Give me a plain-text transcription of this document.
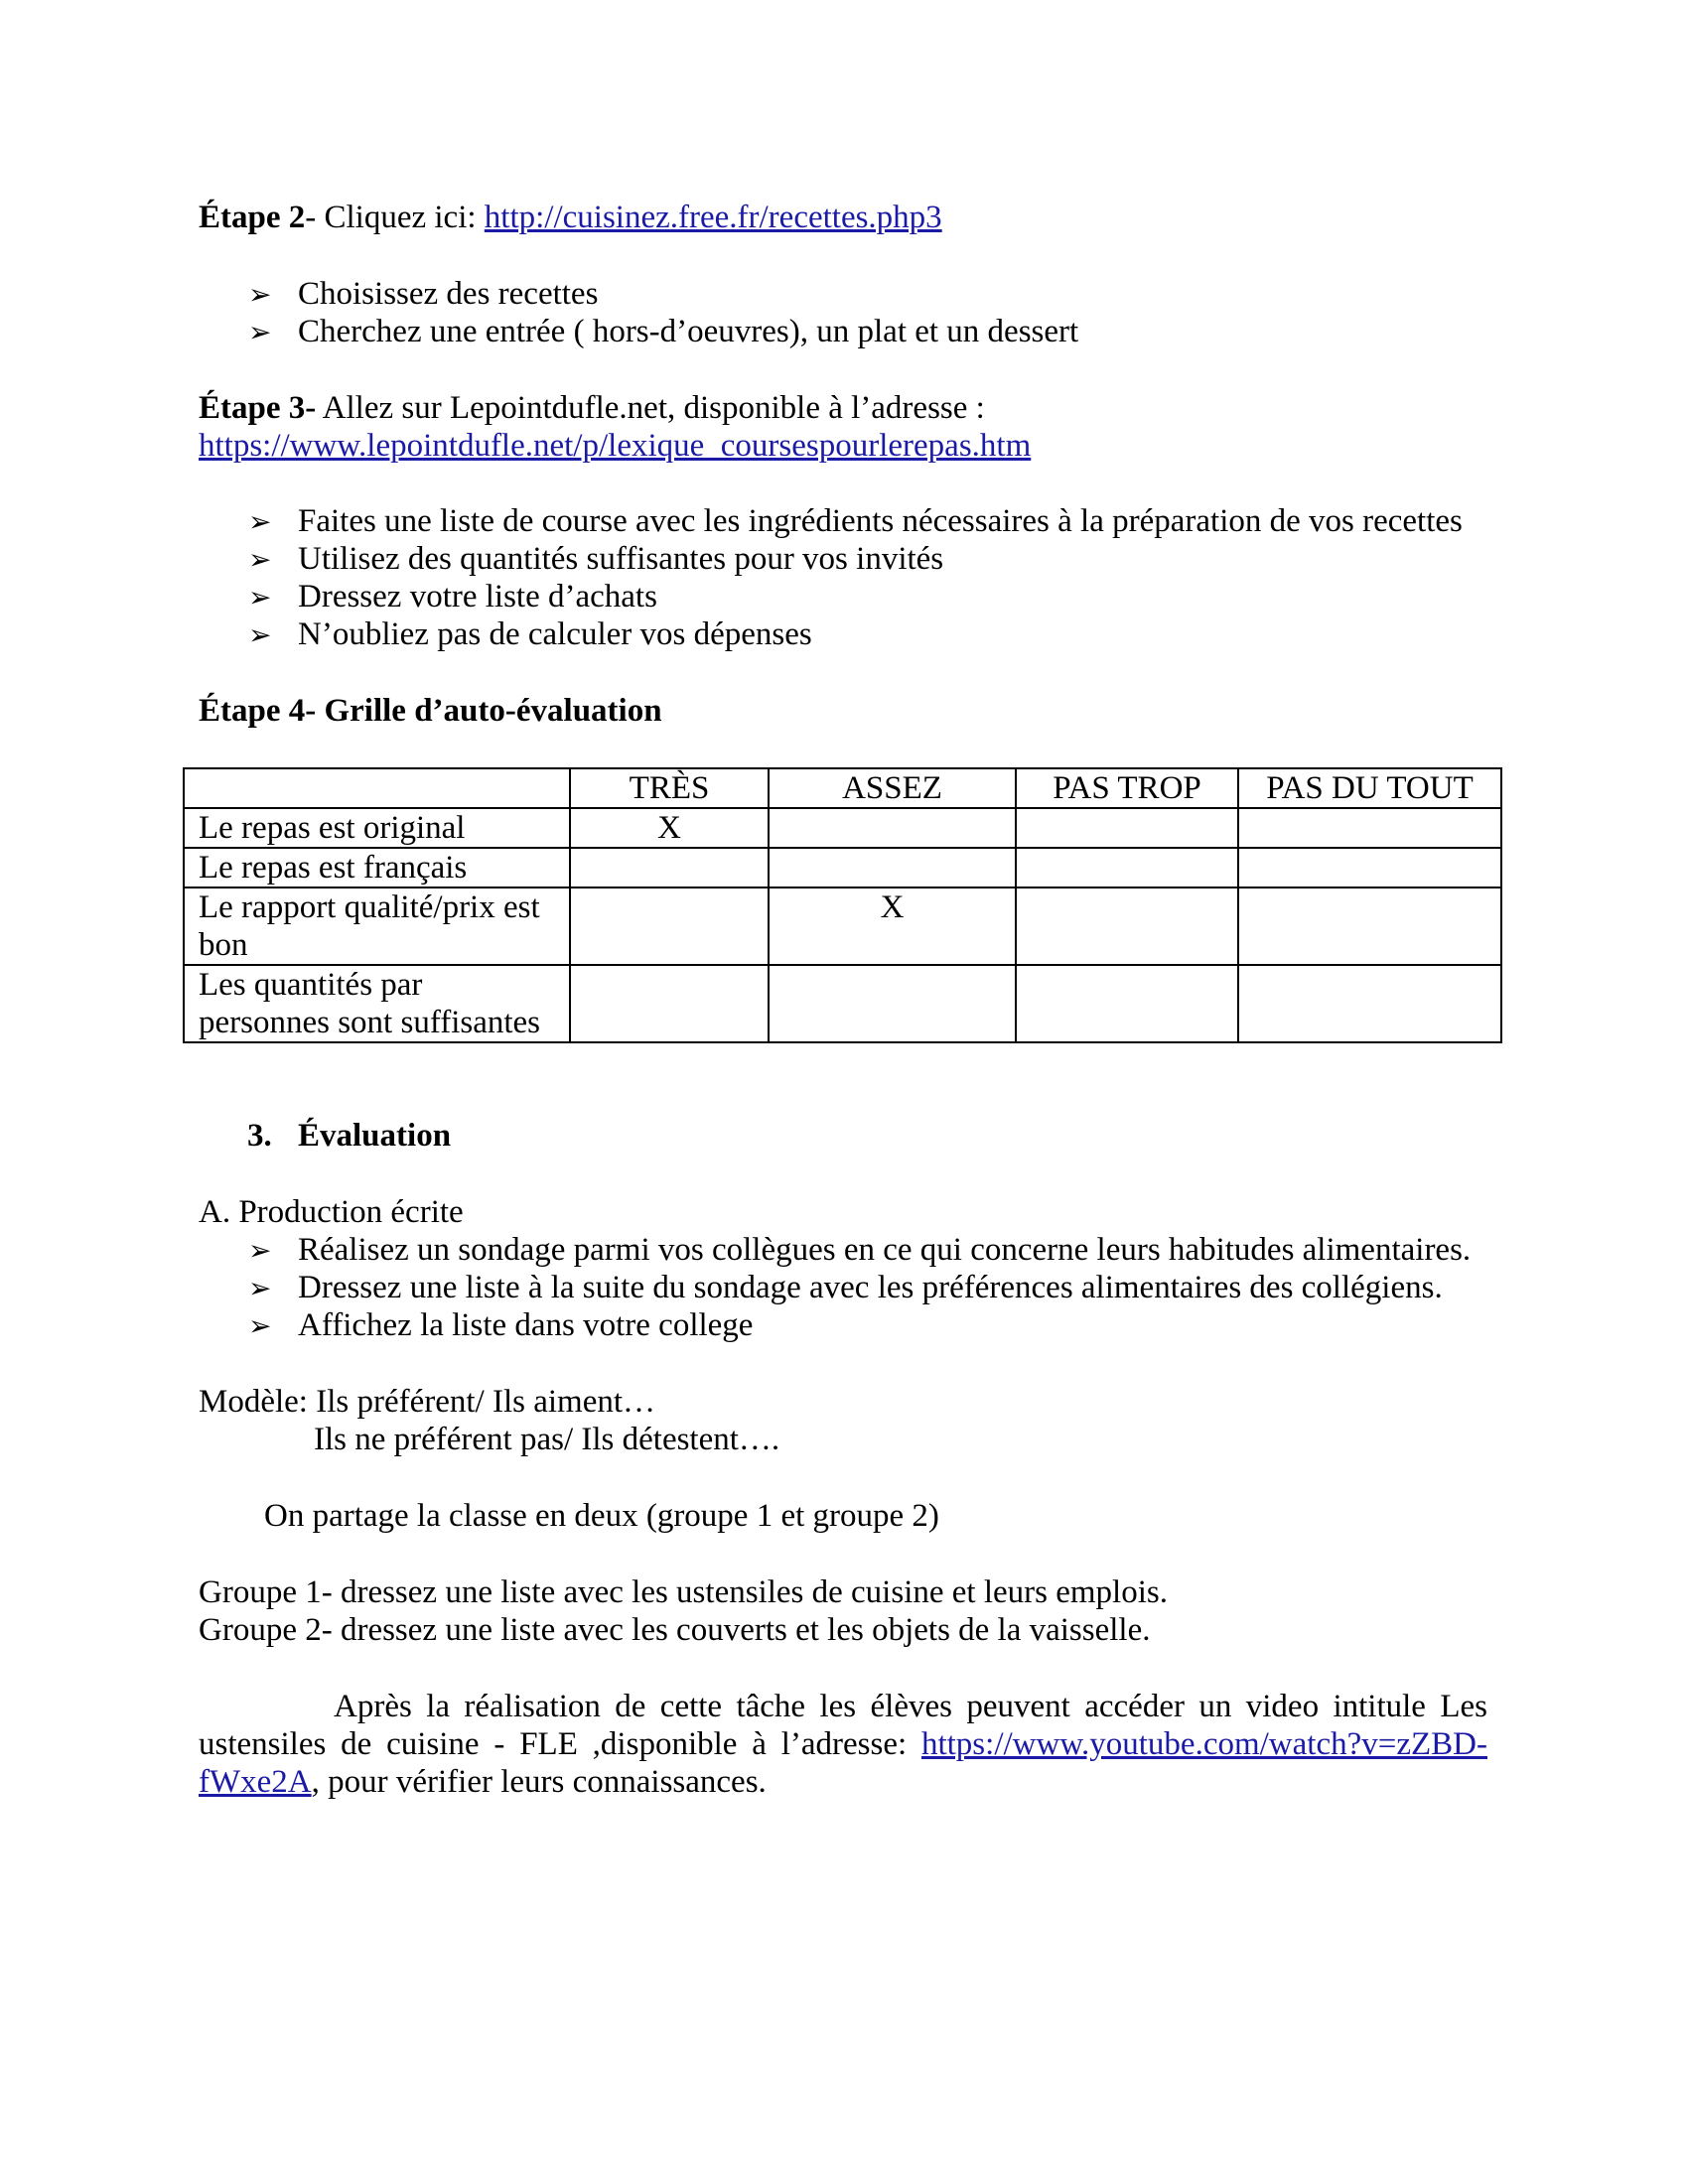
Étape 2- Cliquez ici: http://cuisinez.free.fr/recettes.php3
➢ Choisissez des recettes
➢ Cherchez une entrée ( hors-d’oeuvres), un plat et un dessert
Étape 3- Allez sur Lepointdufle.net, disponible à l’adresse :
https://www.lepointdufle.net/p/lexique_coursespourlerepas.htm
➢ Faites une liste de course avec les ingrédients nécessaires à la préparation de vos recettes
➢ Utilisez des quantités suffisantes pour vos invités
➢ Dressez votre liste d’achats
➢ N’oubliez pas de calculer vos dépenses
Étape 4- Grille d’auto-évaluation
	TRÈS	ASSEZ	PAS TROP	PAS DU TOUT
Le repas est original	X			
Le repas est français				
Le rapport qualité/prix est bon		X		
Les quantités par personnes sont suffisantes				
3. Évaluation
A. Production écrite
➢ Réalisez un sondage parmi vos collègues en ce qui concerne leurs habitudes alimentaires.
➢ Dressez une liste à la suite du sondage avec les préférences alimentaires des collégiens.
➢ Affichez la liste dans votre college
Modèle: Ils préférent/ Ils aiment…
Ils ne préférent pas/ Ils détestent….
On partage la classe en deux (groupe 1 et groupe 2)
Groupe 1- dressez une liste avec les ustensiles de cuisine et leurs emplois.
Groupe 2- dressez une liste avec les couverts et les objets de la vaisselle.
Après la réalisation de cette tâche les élèves peuvent accéder un video intitule Les ustensiles de cuisine - FLE ,disponible à l’adresse: https://www.youtube.com/watch?v=zZBD-fWxe2A, pour vérifier leurs connaissances.
